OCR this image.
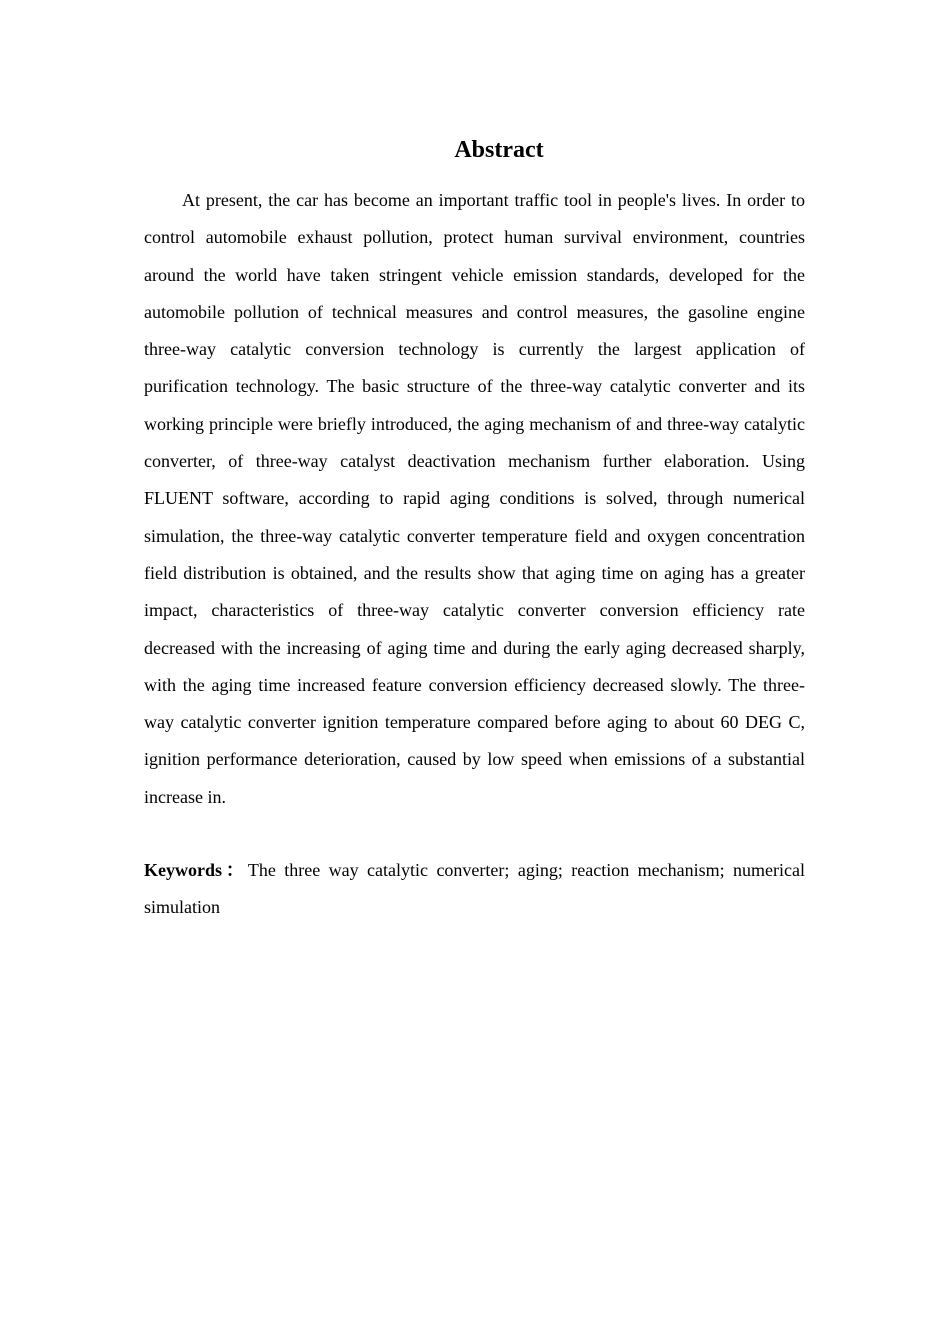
Abstract

At present, the car has become an important traffic tool in people's lives. In order to control automobile exhaust pollution, protect human survival environment, countries around the world have taken stringent vehicle emission standards, developed for the automobile pollution of technical measures and control measures, the gasoline engine three-way catalytic conversion technology is currently the largest application of purification technology. The basic structure of the three-way catalytic converter and its working principle were briefly introduced, the aging mechanism of and three-way catalytic converter, of three-way catalyst deactivation mechanism further elaboration. Using FLUENT software, according to rapid aging conditions is solved, through numerical simulation, the three-way catalytic converter temperature field and oxygen concentration field distribution is obtained, and the results show that aging time on aging has a greater impact, characteristics of three-way catalytic converter conversion efficiency rate decreased with the increasing of aging time and during the early aging decreased sharply, with the aging time increased feature conversion efficiency decreased slowly. The three-way catalytic converter ignition temperature compared before aging to about 60 DEG C, ignition performance deterioration, caused by low speed when emissions of a substantial increase in.

Keywords：The three way catalytic converter; aging; reaction mechanism; numerical simulation
